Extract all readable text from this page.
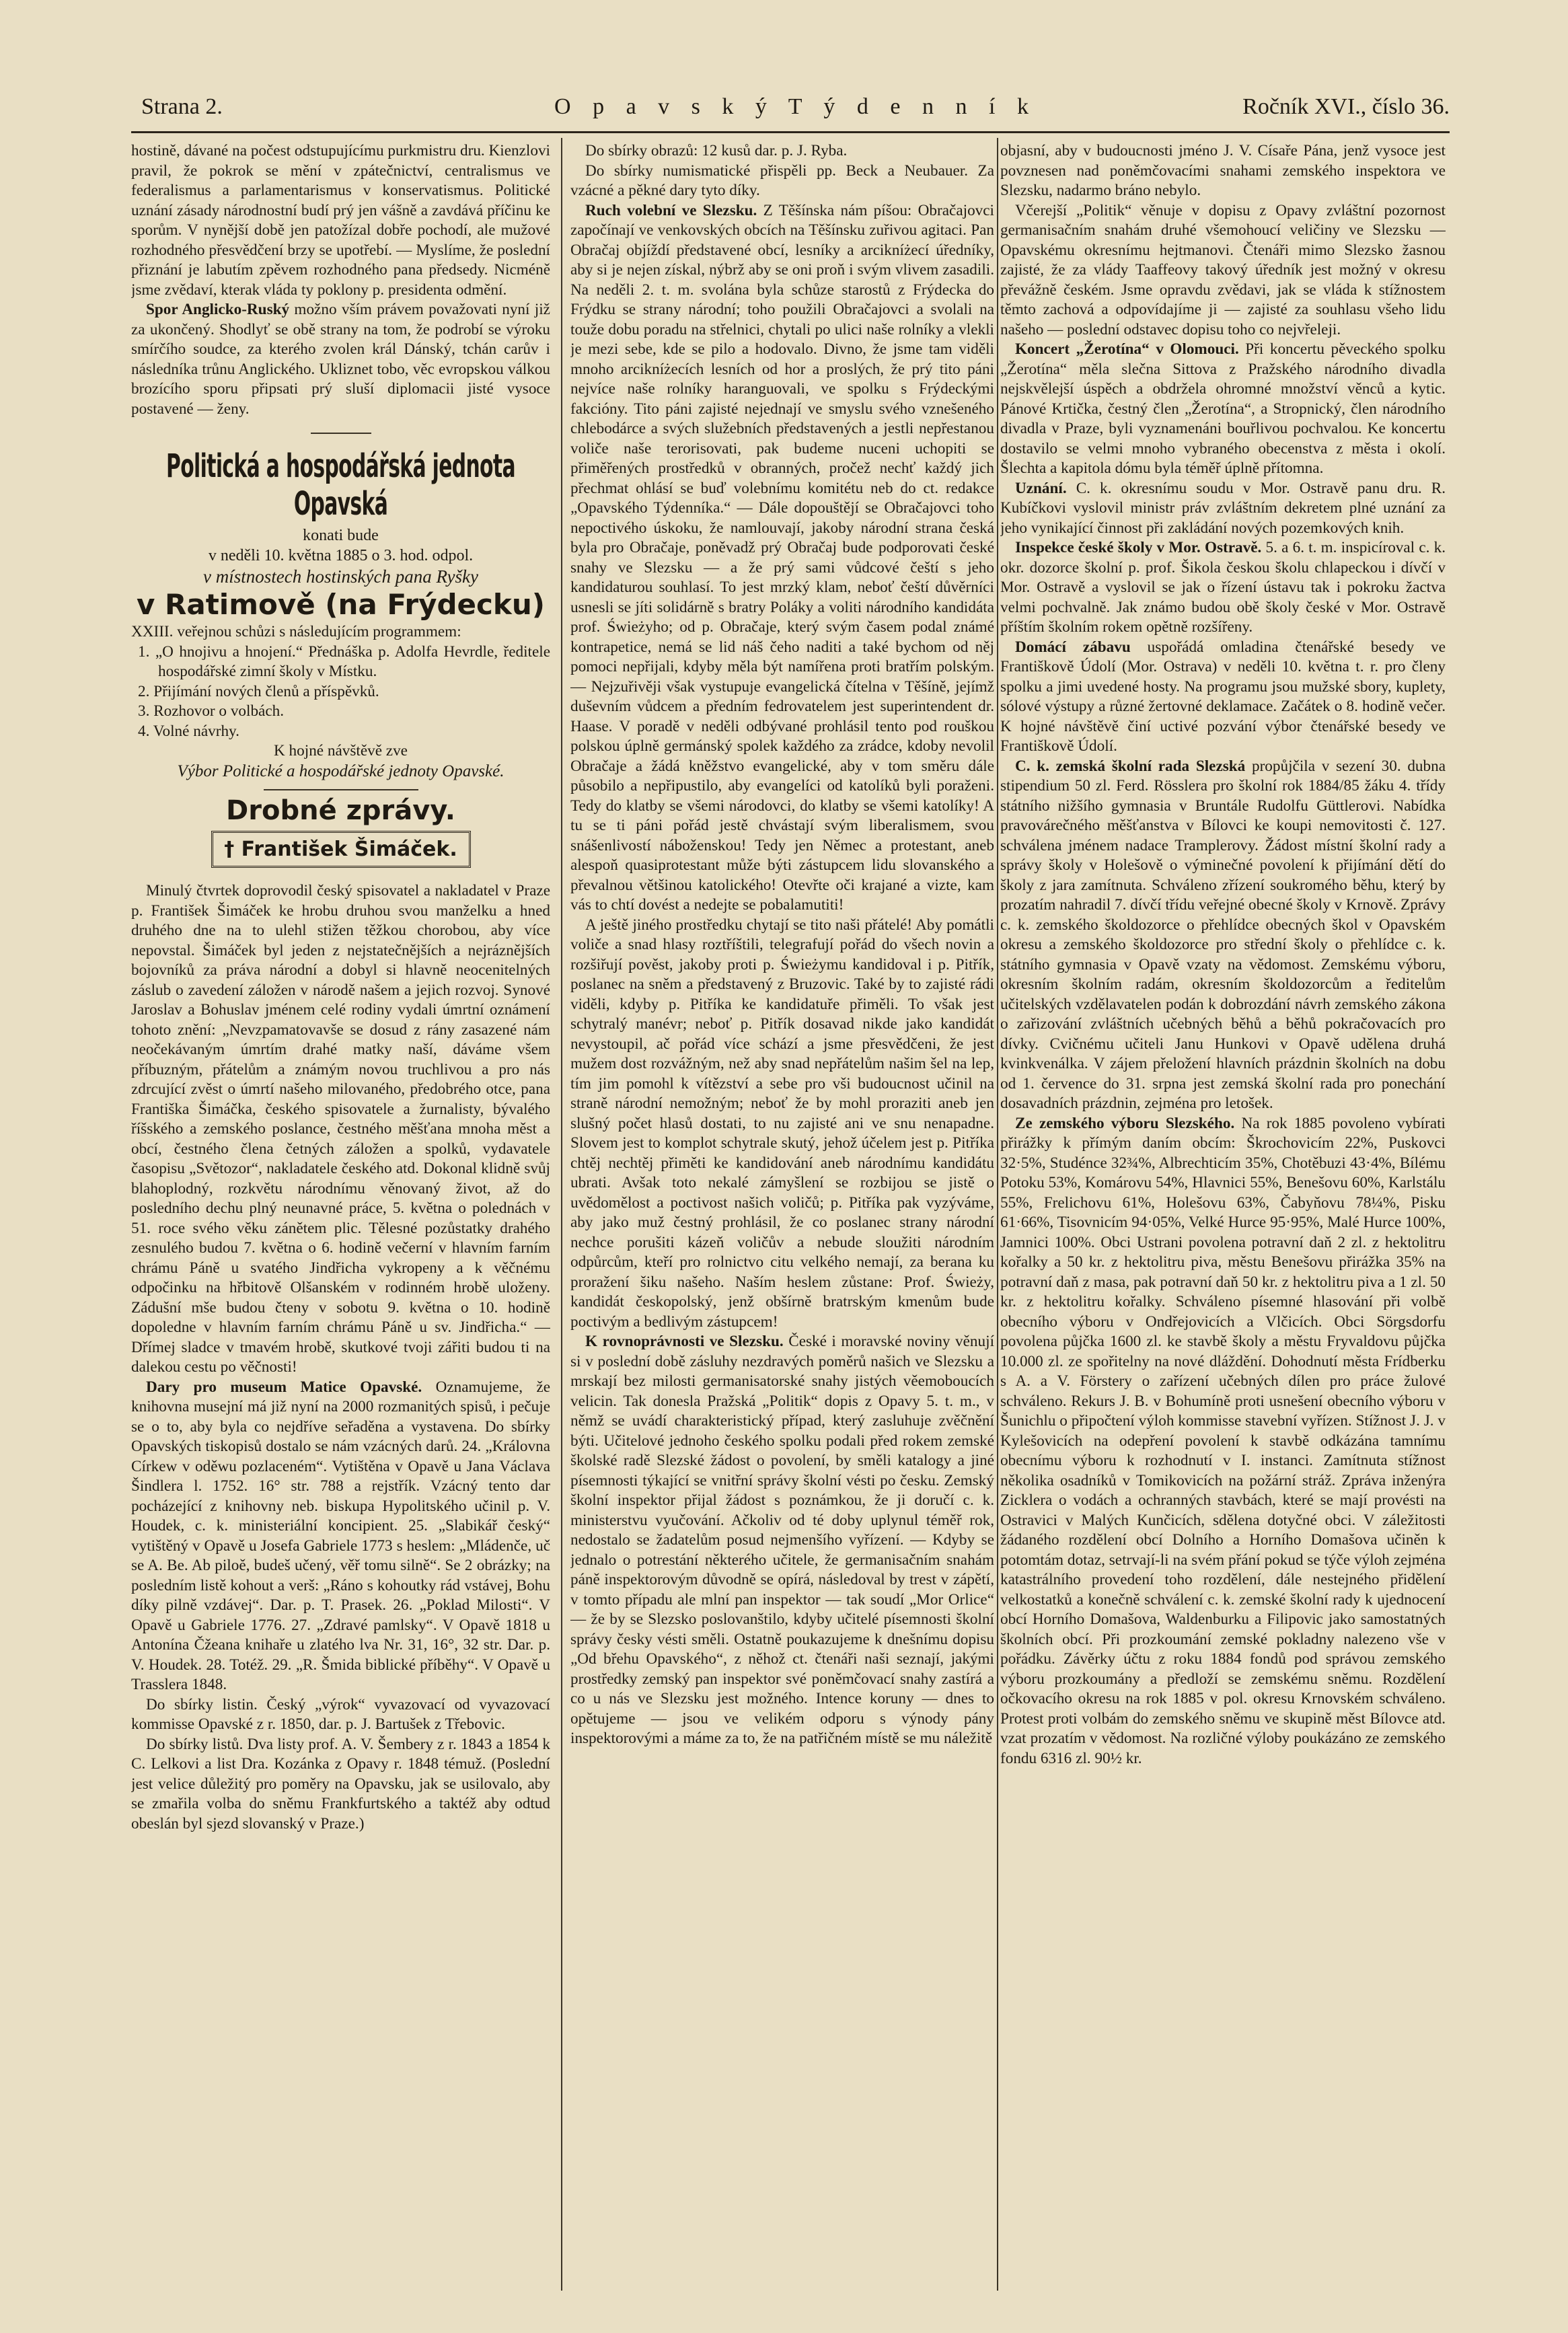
Strana 2.	O p a v s k ý T ý d e n n í k	Ročník XVI., číslo 36.

hostině, dávané na počest odstupujícímu purkmistru dru. Kienzlovi pravil, že pokrok se mění v zpátečnictví, centralismus ve federalismus a parlamentarismus v konservatismus. Politické uznání zásady národnostní budí prý jen vášně a zavdává příčinu ke sporům. V nynější době jen patožízal dobře pochodí, ale mužové rozhodného přesvědčení brzy se upotřebí. — Myslíme, že poslední přiznání je labutím zpěvem rozhodného pana předsedy. Nicméně jsme zvědaví, kterak vláda ty poklony p. presidenta odmění.

Spor Anglicko-Ruský možno vším právem považovati nyní již za ukončený. Shodlyť se obě strany na tom, že podrobí se výroku smírčího soudce, za kterého zvolen král Dánský, tchán carův i následníka trůnu Anglického. Ukliznet tobo, věc evropskou válkou brozícího sporu připsati prý sluší diplomacii jisté vysoce postavené — ženy.

Politická a hospodářská jednota Opavská

konati bude

v neděli 10. května 1885 o 3. hod. odpol.

v místnostech hostinských pana Ryšky

v Ratimově (na Frýdecku)

XXIII. veřejnou schůzi s následujícím programmem:

1. „O hnojivu a hnojení.“ Přednáška p. Adolfa Hevrdle, ředitele hospodářské zimní školy v Místku.
2. Přijímání nových členů a příspěvků.
3. Rozhovor o volbách.
4. Volné návrhy.

K hojné návštěvě zve

Výbor Politické a hospodářské jednoty Opavské.

Drobné zprávy.
† František Šimáček.

Minulý čtvrtek doprovodil český spisovatel a nakladatel v Praze p. František Šimáček ke hrobu druhou svou manželku a hned druhého dne na to ulehl stižen těžkou chorobou, aby více nepovstal. Šimáček byl jeden z nejstatečnějších a nejráznějších bojovníků za práva národní a dobyl si hlavně neocenitelných záslub o zavedení záložen v národě našem a jejich rozvoj. Synové Jaroslav a Bohuslav jménem celé rodiny vydali úmrtní oznámení tohoto znění: „Nevzpamatovavše se dosud z rány zasazené nám neočekávaným úmrtím drahé matky naší, dáváme všem příbuzným, přátelům a známým novou truchlivou a pro nás zdrcující zvěst o úmrtí našeho milovaného, předobrého otce, pana Františka Šimáčka, českého spisovatele a žurnalisty, bývalého říšského a zemského poslance, čestného měšťana mnoha měst a obcí, čestného člena četných záložen a spolků, vydavatele časopisu „Světozor“, nakladatele českého atd. Dokonal klidně svůj blahoplodný, rozkvětu národnímu věnovaný život, až do posledního dechu plný neunavné práce, 5. května o polednách v 51. roce svého věku zánětem plic. Tělesné pozůstatky drahého zesnulého budou 7. května o 6. hodině večerní v hlavním farním chrámu Páně u svatého Jindřicha vykropeny a k věčnému odpočinku na hřbitově Olšanském v rodinném hrobě uloženy. Zádušní mše budou čteny v sobotu 9. května o 10. hodině dopoledne v hlavním farním chrámu Páně u sv. Jindřicha.“ — Dřímej sladce v tmavém hrobě, skutkové tvoji zářiti budou ti na dalekou cestu po věčnosti!

Dary pro museum Matice Opavské. Oznamujeme, že knihovna musejní má již nyní na 2000 rozmanitých spisů, i pečuje se o to, aby byla co nejdříve seřaděna a vystavena. Do sbírky Opavských tiskopisů dostalo se nám vzácných darů. 24. „Královna Církew v oděwu pozlaceném“. Vytištěna v Opavě u Jana Václava Šindlera l. 1752. 16° str. 788 a rejstřík. Vzácný tento dar pocházející z knihovny neb. biskupa Hypolitského učinil p. V. Houdek, c. k. ministeriální koncipient. 25. „Slabikář český“ vytištěný v Opavě u Josefa Gabriele 1773 s heslem: „Mládenče, uč se A. Be. Ab piloě, budeš učený, věř tomu silně“. Se 2 obrázky; na posledním listě kohout a verš: „Ráno s kohoutky rád vstávej, Bohu díky pilně vzdávej“. Dar. p. T. Prasek. 26. „Poklad Milosti“. V Opavě u Gabriele 1776. 27. „Zdravé pamlsky“. V Opavě 1818 u Antonína Čžeana knihaře u zlatého lva Nr. 31, 16°, 32 str. Dar. p. V. Houdek. 28. Totéž. 29. „R. Šmida biblické příběhy“. V Opavě u Trasslera 1848.

Do sbírky listin. Český „výrok“ vyvazovací od vyvazovací kommisse Opavské z r. 1850, dar. p. J. Bartušek z Třebovic.

Do sbírky listů. Dva listy prof. A. V. Šembery z r. 1843 a 1854 k C. Lelkovi a list Dra. Kozánka z Opavy r. 1848 témuž. (Poslední jest velice důležitý pro poměry na Opavsku, jak se usilovalo, aby se zmařila volba do sněmu Frankfurtského a taktéž aby odtud obeslán byl sjezd slovanský v Praze.)

Do sbírky obrazů: 12 kusů dar. p. J. Ryba.

Do sbírky numismatické přispěli pp. Beck a Neubauer. Za vzácné a pěkné dary tyto díky.

Ruch volební ve Slezsku. Z Těšínska nám píšou: Obračajovci započínají ve venkovských obcích na Těšínsku zuřivou agitaci. Pan Obračaj objíždí představené obcí, lesníky a arcikníżecí úředníky, aby si je nejen získal, nýbrž aby se oni proň i svým vlivem zasadili. Na neděli 2. t. m. svolána byla schůze starostů z Frýdecka do Frýdku se strany národní; toho použili Obračajovci a svolali na touže dobu poradu na střelnici, chytali po ulici naše rolníky a vlekli je mezi sebe, kde se pilo a hodovalo. Divno, že jsme tam viděli mnoho arcikníżecích lesních od hor a proslých, že prý tito páni nejvíce naše rolníky haranguovali, ve spolku s Frýdeckými fakcióny. Tito páni zajisté nejednají ve smyslu svého vznešeného chlebodárce a svých služebních představených a jestli nepřestanou voliče naše terorisovati, pak budeme nuceni uchopiti se přiměřených prostředků v obranných, pročež nechť každý jich přechmat ohlásí se buď volebnímu komitétu neb do ct. redakce „Opavského Týdenníka.“ — Dále dopouštějí se Obračajovci toho nepoctivého úskoku, že namlouvají, jakoby národní strana česká byla pro Obračaje, poněvadž prý Obračaj bude podporovati české snahy ve Slezsku — a že prý sami vůdcové čeští s jeho kandidaturou souhlasí. To jest mrzký klam, neboť čeští důvěrníci usnesli se jíti solidárně s bratry Poláky a voliti národního kandidáta prof. Świeżyho; od p. Obračaje, který svým časem podal známé kontrapetice, nemá se lid náš čeho naditi a také bychom od něj pomoci nepřijali, kdyby měla být namířena proti bratřím polským. — Nejzuřivěji však vystupuje evangelická čítelna v Těšíně, jejímž duševním vůdcem a předním fedrovatelem jest superintendent dr. Haase. V poradě v neděli odbývané prohlásil tento pod rouškou polskou úplně germánský spolek každého za zrádce, kdoby nevolil Obračaje a žádá kněžstvo evangelické, aby v tom směru dále působilo a nepřipustilo, aby evangelíci od katolíků byli poraženi. Tedy do klatby se všemi národovci, do klatby se všemi katolíky! A tu se ti páni pořád jestě chvástají svým liberalismem, svou snášenlivostí náboženskou! Tedy jen Němec a protestant, aneb alespoň quasiprotestant může býti zástupcem lidu slovanského a převalnou většinou katolického! Otevřte oči krajané a vizte, kam vás to chtí dovést a nedejte se pobalamutiti!

A ještě jiného prostředku chytají se tito naši přátelé! Aby pomátli voliče a snad hlasy roztříštili, telegrafují pořád do všech novin a rozšiřují pověst, jakoby proti p. Świeżymu kandidoval i p. Pitřík, poslanec na sněm a představený z Bruzovic. Také by to zajisté rádi viděli, kdyby p. Pitříka ke kandidatuře přiměli. To však jest schytralý manévr; neboť p. Pitřík dosavad nikde jako kandidát nevystoupil, ač pořád více schází a jsme přesvědčeni, že jest mužem dost rozvážným, než aby snad nepřátelům našim šel na lep, tím jim pomohl k vítězství a sebe pro vši budoucnost učinil na straně národní nemožným; neboť že by mohl proraziti aneb jen slušný počet hlasů dostati, to nu zajisté ani ve snu nenapadne. Slovem jest to komplot schytrale skutý, jehož účelem jest p. Pitříka chtěj nechtěj přiměti ke kandidování aneb národnímu kandidátu ubrati. Avšak toto nekalé zámyšlení se rozbijou se jistě o uvědomělost a poctivost našich voličů; p. Pitříka pak vyzýváme, aby jako muž čestný prohlásil, že co poslanec strany národní nechce porušiti kázeň voličův a nebude sloužiti národním odpůrcům, kteří pro rolnictvo citu velkého nemají, za berana ku proražení šiku našeho. Naším heslem zůstane: Prof. Świeży, kandidát českopolský, jenž obšírně bratrským kmenům bude poctivým a bedlivým zástupcem!

K rovnoprávnosti ve Slezsku. České i moravské noviny věnují si v poslední době zásluhy nezdravých poměrů našich ve Slezsku a mrskají bez milosti germanisatorské snahy jistých věemoboucích velicin. Tak donesla Pražská „Politik“ dopis z Opavy 5. t. m., v němž se uvádí charakteristický případ, který zasluhuje zvěčnění býti. Učitelové jednoho českého spolku podali před rokem zemské školské radě Slezské žádost o povolení, by směli katalogy a jiné písemnosti týkající se vnitřní správy školní vésti po česku. Zemský školní inspektor přijal žádost s poznámkou, že ji doručí c. k. ministerstvu vyučování. Ačkoliv od té doby uplynul téměř rok, nedostalo se žadatelům posud nejmenšího vyřízení. — Kdyby se jednalo o potrestání některého učitele, že germanisačním snahám páně inspektorovým důvodně se opírá, následoval by trest v zápětí, v tomto případu ale mlní pan inspektor — tak soudí „Mor Orlice“ — že by se Slezsko poslovanštilo, kdyby učitelé písemnosti školní správy česky vésti směli. Ostatně poukazujeme k dnešnímu dopisu „Od břehu Opavského“, z něhož ct. čtenáři naši seznají, jakými prostředky zemský pan inspektor své poněmčovací snahy zastírá a co u nás ve Slezsku jest možného. Intence koruny — dnes to opětujeme — jsou ve velikém odporu s výnody pány inspektorovými a máme za to, že na patřičném místě se mu náležitě

objasní, aby v budoucnosti jméno J. V. Císaře Pána, jenž vysoce jest povznesen nad poněmčovacími snahami zemského inspektora ve Slezsku, nadarmo bráno nebylo.

Včerejší „Politik“ věnuje v dopisu z Opavy zvláštní pozornost germanisačním snahám druhé všemohoucí veličiny ve Slezsku — Opavskému okresnímu hejtmanovi. Čtenáři mimo Slezsko žasnou zajisté, že za vlády Taaffeovy takový úředník jest možný v okresu převážně českém. Jsme opravdu zvědavi, jak se vláda k stížnostem těmto zachová a odpovídajíme ji — zajisté za souhlasu všeho lidu našeho — poslední odstavec dopisu toho co nejvřeleji.

Koncert „Žerotína“ v Olomouci. Při koncertu pěveckého spolku „Žerotína“ měla slečna Sittova z Pražského národního divadla nejskvělejší úspěch a obdržela ohromné množství věnců a kytic. Pánové Krtička, čestný člen „Žerotína“, a Stropnický, člen národního divadla v Praze, byli vyznamenáni bouřlivou pochvalou. Ke koncertu dostavilo se velmi mnoho vybraného obecenstva z města i okolí. Šlechta a kapitola dómu byla téměř úplně přítomna.

Uznání. C. k. okresnímu soudu v Mor. Ostravě panu dru. R. Kubíčkovi vyslovil ministr práv zvláštním dekretem plné uznání za jeho vynikající činnost při zakládání nových pozemkových knih.

Inspekce české školy v Mor. Ostravě. 5. a 6. t. m. inspicíroval c. k. okr. dozorce školní p. prof. Šikola českou školu chlapeckou i dívčí v Mor. Ostravě a vyslovil se jak o řízení ústavu tak i pokroku žactva velmi pochvalně. Jak známo budou obě školy české v Mor. Ostravě příštím školním rokem opětně rozšířeny.

Domácí zábavu uspořádá omladina čtenářské besedy ve Františkově Údolí (Mor. Ostrava) v neděli 10. května t. r. pro členy spolku a jimi uvedené hosty. Na programu jsou mužské sbory, kuplety, sólové výstupy a různé žertovné deklamace. Začátek o 8. hodině večer. K hojné návštěvě činí uctivé pozvání výbor čtenářské besedy ve Františkově Údolí.

C. k. zemská školní rada Slezská propůjčila v sezení 30. dubna stipendium 50 zl. Ferd. Rösslera pro školní rok 1884/85 žáku 4. třídy státního nižšího gymnasia v Bruntále Rudolfu Güttlerovi. Nabídka pravovárečného měšťanstva v Bílovci ke koupi nemovitosti č. 127. schválena jménem nadace Tramplerovy. Žádost místní školní rady a správy školy v Holešově o výminečné povolení k přijímání dětí do školy z jara zamítnuta. Schváleno zřízení soukromého běhu, který by prozatím nahradil 7. dívčí třídu veřejné obecné školy v Krnově. Zprávy c. k. zemského školdozorce o přehlídce obecných škol v Opavském okresu a zemského školdozorce pro střední školy o přehlídce c. k. státního gymnasia v Opavě vzaty na vědomost. Zemskému výboru, okresním školním radám, okresním školdozorcům a ředitelům učitelských vzdělavatelen podán k dobrozdání návrh zemského zákona o zařizování zvláštních učebných běhů a běhů pokračovacích pro dívky. Cvičnému učiteli Janu Hunkovi v Opavě udělena druhá kvinkvenálka. V zájem přeložení hlavních prázdnin školních na dobu od 1. července do 31. srpna jest zemská školní rada pro ponechání dosavadních prázdnin, zejména pro letošek.

Ze zemského výboru Slezského. Na rok 1885 povoleno vybírati přirážky k přímým daním obcím: Škrochovicím 22%, Puskovci 32·5%, Studénce 32¾%, Albrechticím 35%, Chotěbuzi 43·4%, Bílému Potoku 53%, Komárovu 54%, Hlavnici 55%, Benešovu 60%, Karlstálu 55%, Frelichovu 61%, Holešovu 63%, Čabyňovu 78¼%, Pisku 61·66%, Tisovnicím 94·05%, Velké Hurce 95·95%, Malé Hurce 100%, Jamnici 100%. Obci Ustrani povolena potravní daň 2 zl. z hektolitru kořalky a 50 kr. z hektolitru piva, městu Benešovu přirážka 35% na potravní daň z masa, pak potravní daň 50 kr. z hektolitru piva a 1 zl. 50 kr. z hektolitru kořalky. Schváleno písemné hlasování při volbě obecního výboru v Ondřejovicích a Vlčicích. Obci Sörgsdorfu povolena půjčka 1600 zl. ke stavbě školy a městu Fryvaldovu půjčka 10.000 zl. ze spořitelny na nové dláždění. Dohodnutí města Frídberku s A. a V. Förstery o zařízení učebných dílen pro práce žulové schváleno. Rekurs J. B. v Bohumíně proti usnešení obecního výboru v Šunichlu o připočtení výloh kommisse stavební vyřízen. Stížnost J. J. v Kylešovicích na odepření povolení k stavbě odkázána tamnímu obecnímu výboru k rozhodnutí v I. instanci. Zamítnuta stížnost několika osadníků v Tomikovicích na požární stráž. Zpráva inženýra Zicklera o vodách a ochranných stavbách, které se mají provésti na Ostravici v Malých Kunčicích, sdělena dotyčné obci. V záležitosti žádaného rozdělení obcí Dolního a Horního Domašova učiněn k potomtám dotaz, setrvají-li na svém přání pokud se týče výloh zejména katastrálního provedení toho rozdělení, dále nestejného přidělení velkostatků a konečně schválení c. k. zemské školní rady k ujednocení obcí Horního Domašova, Waldenburku a Filipovic jako samostatných školních obcí. Při prozkoumání zemské pokladny nalezeno vše v pořádku. Závěrky účtu z roku 1884 fondů pod správou zemského výboru prozkoumány a předloží se zemskému sněmu. Rozdělení očkovacího okresu na rok 1885 v pol. okresu Krnovském schváleno. Protest proti volbám do zemského sněmu ve skupině měst Bílovce atd. vzat prozatím v vědomost. Na rozličné výloby poukázáno ze zemského fondu 6316 zl. 90½ kr.
